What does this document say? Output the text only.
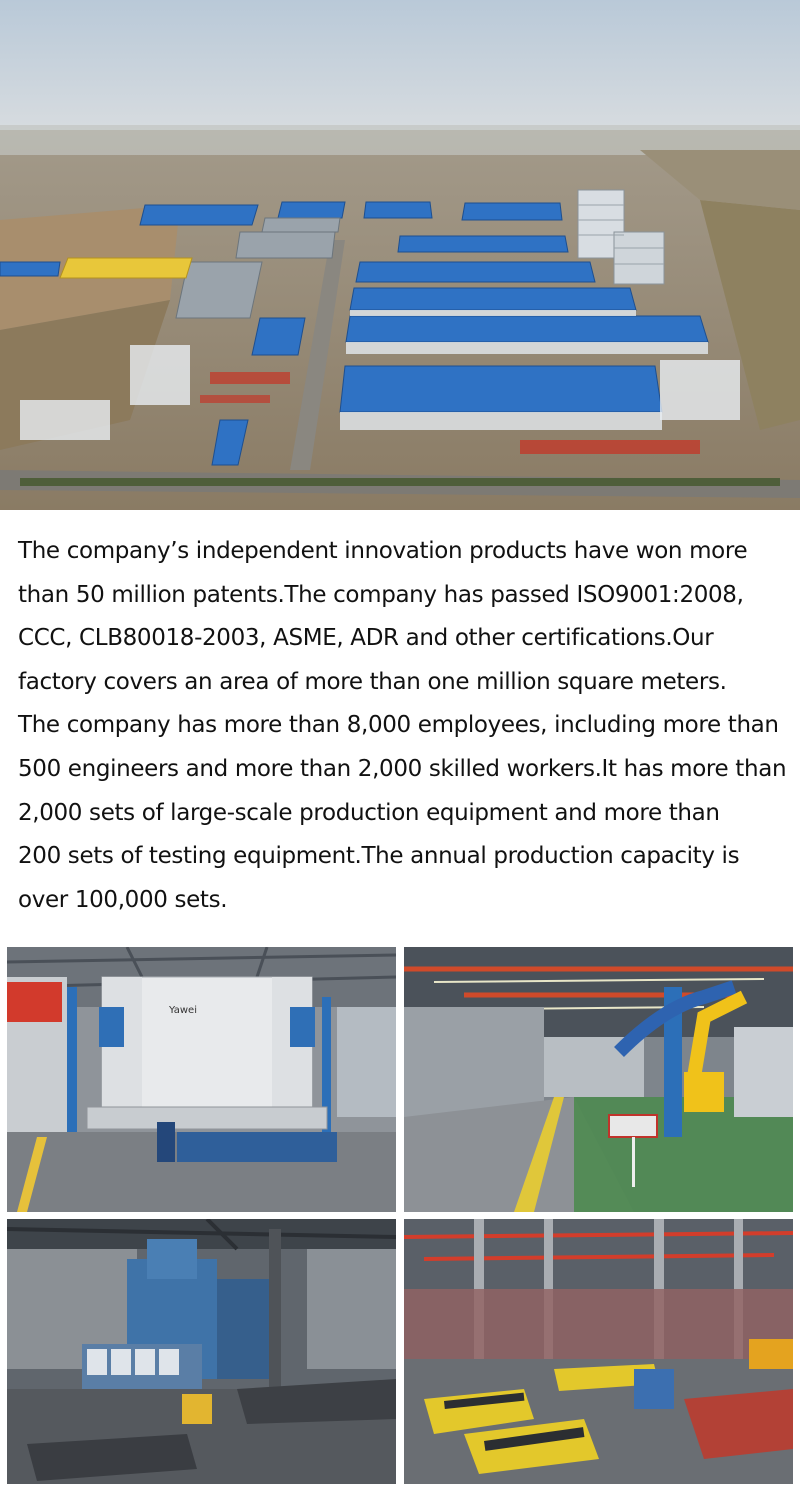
The company’s independent innovation products have won more
than 50 million patents.The company has passed ISO9001:2008,
CCC, CLB80018-2003, ASME, ADR and other certifications.Our
factory covers an area of more than one million square meters.
The company has more than 8,000 employees, including more than
500 engineers and more than 2,000 skilled workers.It has more than
2,000 sets of large-scale production equipment and more than
200 sets of testing equipment.The annual production capacity is
over 100,000 sets.
Yawei
